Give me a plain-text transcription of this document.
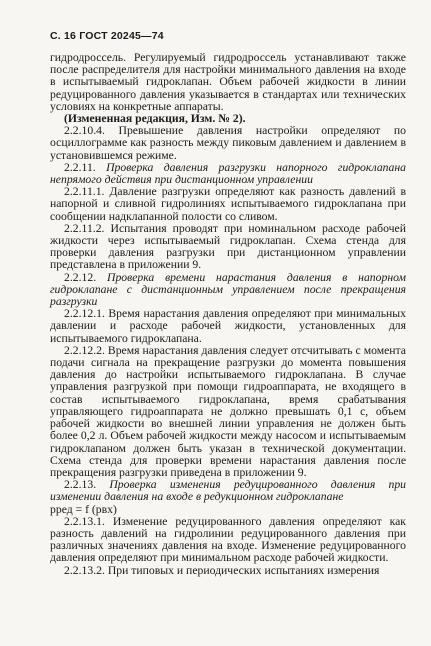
С. 16 ГОСТ 20245—74

гидродроссель. Регулируемый гидродроссель устанавливают также после распределителя для настройки минимального давления на входе в испытываемый гидроклапан. Объем рабочей жидкости в линии редуцированного давления указывается в стандартах или технических условиях на конкретные аппараты.

(Измененная редакция, Изм. № 2).

2.2.10.4. Превышение давления настройки определяют по осциллограмме как разность между пиковым давлением и давлением в установившемся режиме.

2.2.11. Проверка давления разгрузки напорного гидроклапана непрямого действия при дистанционном управлении

2.2.11.1. Давление разгрузки определяют как разность давлений в напорной и сливной гидролиниях испытываемого гидроклапана при сообщении надклапанной полости со сливом.

2.2.11.2. Испытания проводят при номинальном расходе рабочей жидкости через испытываемый гидроклапан. Схема стенда для проверки давления разгрузки при дистанционном управлении представлена в приложении 9.

2.2.12. Проверка времени нарастания давления в напорном гидроклапане с дистанционным управлением после прекращения разгрузки

2.2.12.1. Время нарастания давления определяют при минимальных давлении и расходе рабочей жидкости, установленных для испытываемого гидроклапана.

2.2.12.2. Время нарастания давления следует отсчитывать с момента подачи сигнала на прекращение разгрузки до момента повышения давления до настройки испытываемого гидроклапана. В случае управления разгрузкой при помощи гидроаппарата, не входящего в состав испытываемого гидроклапана, время срабатывания управляющего гидроаппарата не должно превышать 0,1 с, объем рабочей жидкости во внешней линии управления не должен быть более 0,2 л. Объем рабочей жидкости между насосом и испытываемым гидроклапаном должен быть указан в технической документации. Схема стенда для проверки времени нарастания давления после прекращения разгрузки приведена в приложении 9.

2.2.13. Проверка изменения редуцированного давления при изменении давления на входе в редукционном гидроклапане

pред = f (pвх)

2.2.13.1. Изменение редуцированного давления определяют как разность давлений на гидролинии редуцированного давления при различных значениях давления на входе. Изменение редуцированного давления определяют при минимальном расходе рабочей жидкости.

2.2.13.2. При типовых и периодических испытаниях измерения
